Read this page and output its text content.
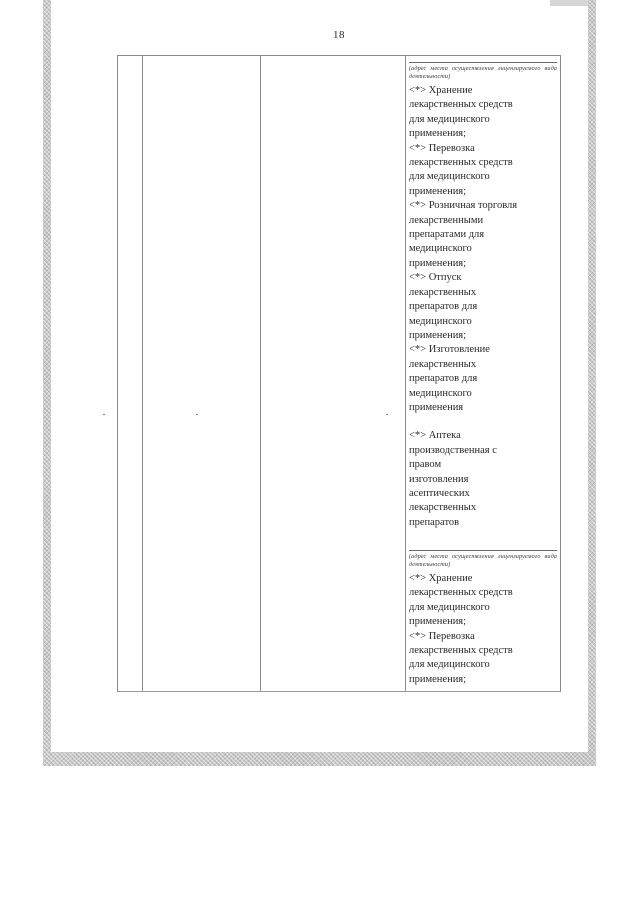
18
(адрес места осуществления лицензируемого вида деятельности)
<*> Хранение
лекарственных средств
для медицинского
применения;
<*> Перевозка
лекарственных средств
для медицинского
применения;
<*> Розничная торговля
лекарственными
препаратами для
медицинского
применения;
<*> Отпуск
лекарственных
препаратов для
медицинского
применения;
<*> Изготовление
лекарственных
препаратов для
медицинского
применения
<*> Аптека
производственная с
правом
изготовления
асептических
лекарственных
препаратов
(адрес места осуществления лицензируемого вида деятельности)
<*> Хранение
лекарственных средств
для медицинского
применения;
<*> Перевозка
лекарственных средств
для медицинского
применения;
